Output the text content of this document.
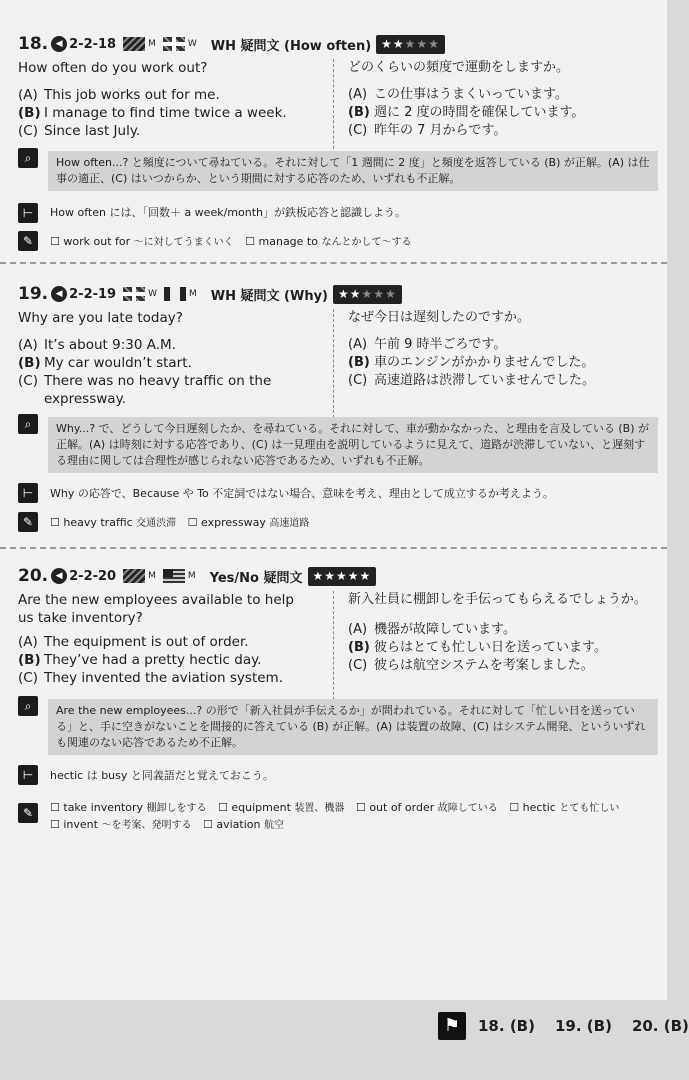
18. ◀ 2-2-18	M	W WH 疑問文 (How often) ★★★★★
How often do you work out?
(A) This job works out for me.
(B) I manage to find time twice a week.
(C) Since last July.
どのくらいの頻度で運動をしますか。
(A) この仕事はうまくいっています。
(B) 週に 2 度の時間を確保しています。
(C) 昨年の 7 月からです。
⌕	How often...? と頻度について尋ねている。それに対して「1 週間に 2 度」と頻度を返答している (B) が正解。(A) は仕事の適正、(C) はいつからか、という期間に対する応答のため、いずれも不正解。
⊢	How often には、「回数＋ a week/month」が鉄板応答と認識しよう。
✎	☐ work out for 〜に対してうまくいく ☐ manage to なんとかして〜する
19. ◀ 2-2-19	W	M WH 疑問文 (Why) ★★★★★
Why are you late today?
(A) It’s about 9:30 A.M.
(B) My car wouldn’t start.
(C) There was no heavy traffic on the expressway.
なぜ今日は遅刻したのですか。
(A) 午前 9 時半ごろです。
(B) 車のエンジンがかかりませんでした。
(C) 高速道路は渋滞していませんでした。
⌕	Why...? で、どうして今日遅刻したか、を尋ねている。それに対して、車が動かなかった、と理由を言及している (B) が正解。(A) は時刻に対する応答であり、(C) は一見理由を説明しているように見えて、道路が渋滞していない、と遅刻する理由に関しては合理性が感じられない応答であるため、いずれも不正解。
⊢	Why の応答で、Because や To 不定詞ではない場合、意味を考え、理由として成立するか考えよう。
✎	☐ heavy traffic 交通渋滞 ☐ expressway 高速道路
20. ◀ 2-2-20	M	M Yes/No 疑問文 ★★★★★
Are the new employees available to help us take inventory?
(A) The equipment is out of order.
(B) They’ve had a pretty hectic day.
(C) They invented the aviation system.
新入社員に棚卸しを手伝ってもらえるでしょうか。
(A) 機器が故障しています。
(B) 彼らはとても忙しい日を送っています。
(C) 彼らは航空システムを考案しました。
⌕	Are the new employees...? の形で「新入社員が手伝えるか」が問われている。それに対して「忙しい日を送っている」と、手に空きがないことを間接的に答えている (B) が正解。(A) は装置の故障、(C) はシステム開発、といういずれも関連のない応答であるため不正解。
⊢	hectic は busy と同義語だと覚えておこう。
✎	☐ take inventory 棚卸しをする ☐ equipment 装置、機器 ☐ out of order 故障している ☐ hectic とても忙しい
☐ invent 〜を考案、発明する ☐ aviation 航空
⚑	18. (B) 19. (B) 20. (B)
